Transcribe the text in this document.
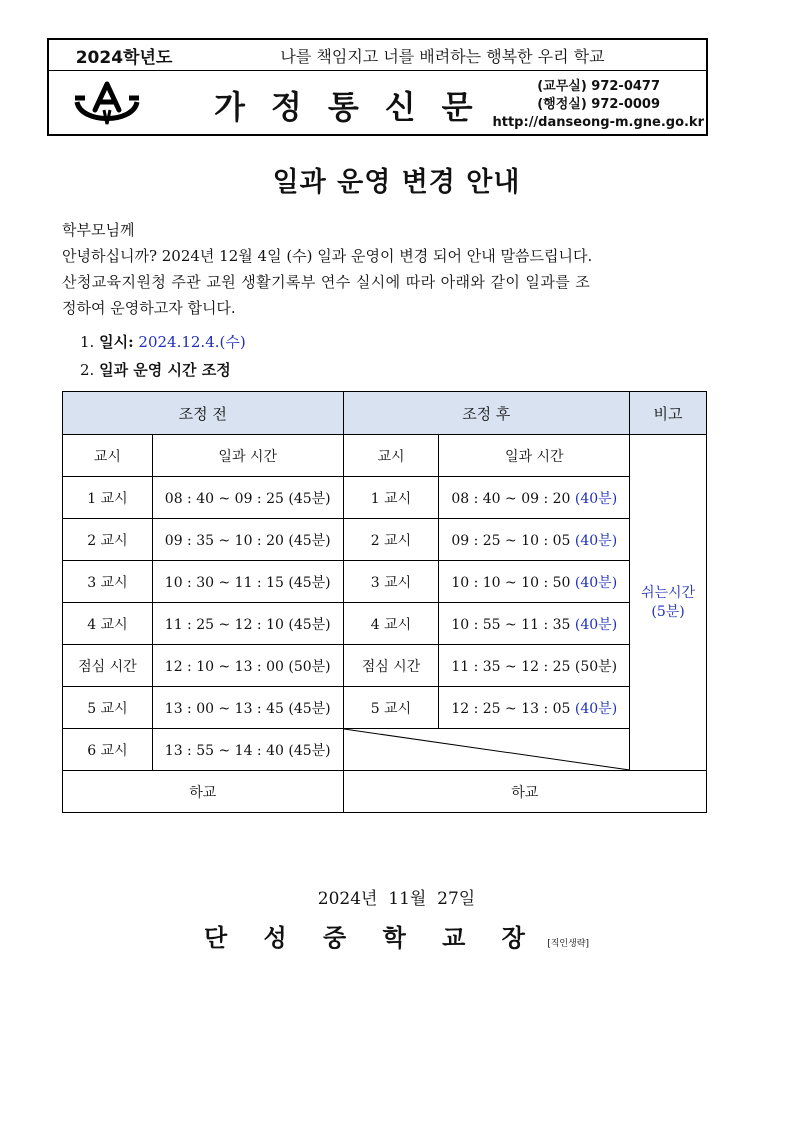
2024학년도	나를 책임지고 너를 배려하는 행복한 우리 학교
가정통신문
(교무실) 972-0477
(행정실) 972-0009
http://danseong-m.gne.go.kr
일과 운영 변경 안내

학부모님께

안녕하십니까? 2024년 12월 4일 (수) 일과 운영이 변경 되어 안내 말씀드립니다.

산청교육지원청 주관 교원 생활기록부 연수 실시에 따라 아래와 같이 일과를 조

정하여 운영하고자 합니다.

1. 일시: 2024.12.4.(수)
2. 일과 운영 시간 조정
조정 전		조정 후		비고
교시	일과 시간	교시	일과 시간	쉬는시간
(5분)

1 교시	08 : 40 ~ 09 : 25 (45분)	1 교시	08 : 40 ~ 09 : 20 (40분)	
2 교시	09 : 35 ~ 10 : 20 (45분)	2 교시	09 : 25 ~ 10 : 05 (40분)	
3 교시	10 : 30 ~ 11 : 15 (45분)	3 교시	10 : 10 ~ 10 : 50 (40분)	
4 교시	11 : 25 ~ 12 : 10 (45분)	4 교시	10 : 55 ~ 11 : 35 (40분)	
점심 시간	12 : 10 ~ 13 : 00 (50분)	점심 시간	11 : 35 ~ 12 : 25 (50분)	
5 교시	13 : 00 ~ 13 : 45 (45분)	5 교시	12 : 25 ~ 13 : 05 (40분)	
6 교시	13 : 55 ~ 14 : 40 (45분)	

하교		하교		
2024년  11월  27일
단 성 중 학 교 장 [직인생략]
